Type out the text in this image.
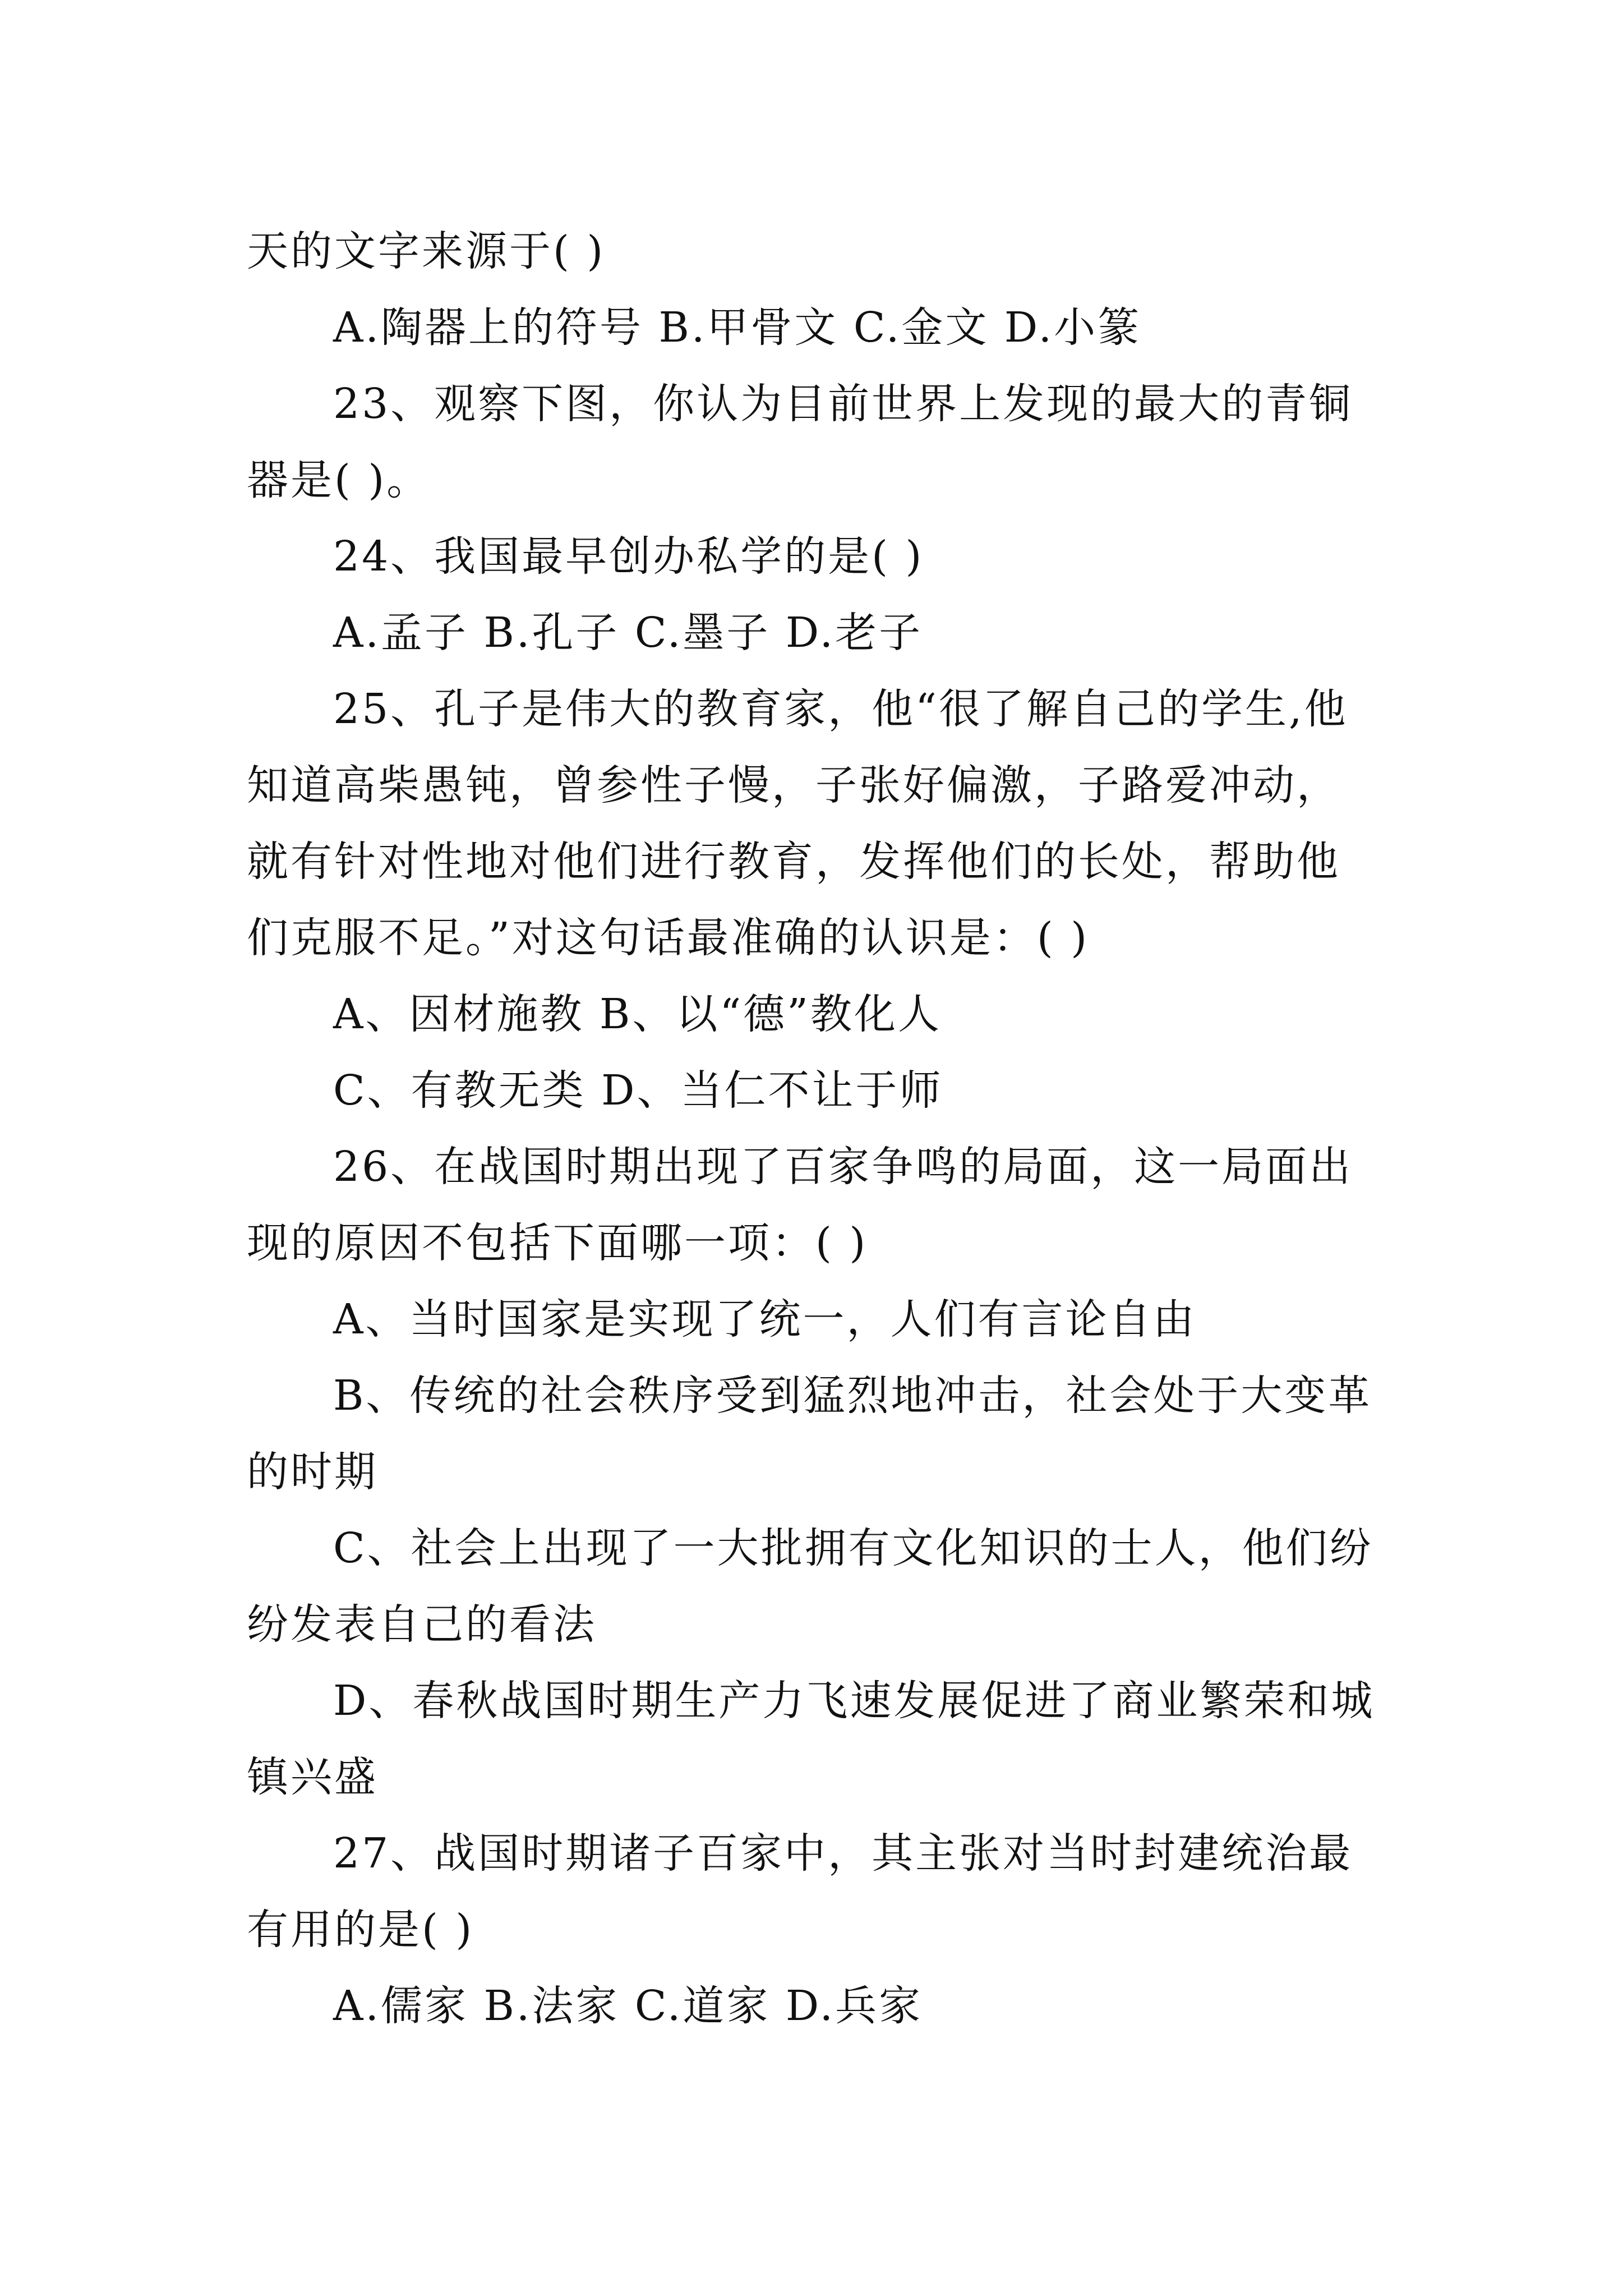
天的文字来源于( )

A.陶器上的符号 B.甲骨文 C.金文 D.小篆

23、观察下图，你认为目前世界上发现的最大的青铜器是( )。

24、我国最早创办私学的是( )

A.孟子 B.孔子 C.墨子 D.老子

25、孔子是伟大的教育家，他“很了解自己的学生,他知道高柴愚钝，曾参性子慢，子张好偏激，子路爱冲动，就有针对性地对他们进行教育，发挥他们的长处，帮助他们克服不足。”对这句话最准确的认识是：( )

A、因材施教 B、以“德”教化人

C、有教无类 D、当仁不让于师

26、在战国时期出现了百家争鸣的局面，这一局面出现的原因不包括下面哪一项：( )

A、当时国家是实现了统一，人们有言论自由

B、传统的社会秩序受到猛烈地冲击，社会处于大变革的时期

C、社会上出现了一大批拥有文化知识的士人，他们纷纷发表自己的看法

D、春秋战国时期生产力飞速发展促进了商业繁荣和城镇兴盛

27、战国时期诸子百家中，其主张对当时封建统治最有用的是( )

A.儒家 B.法家 C.道家 D.兵家
